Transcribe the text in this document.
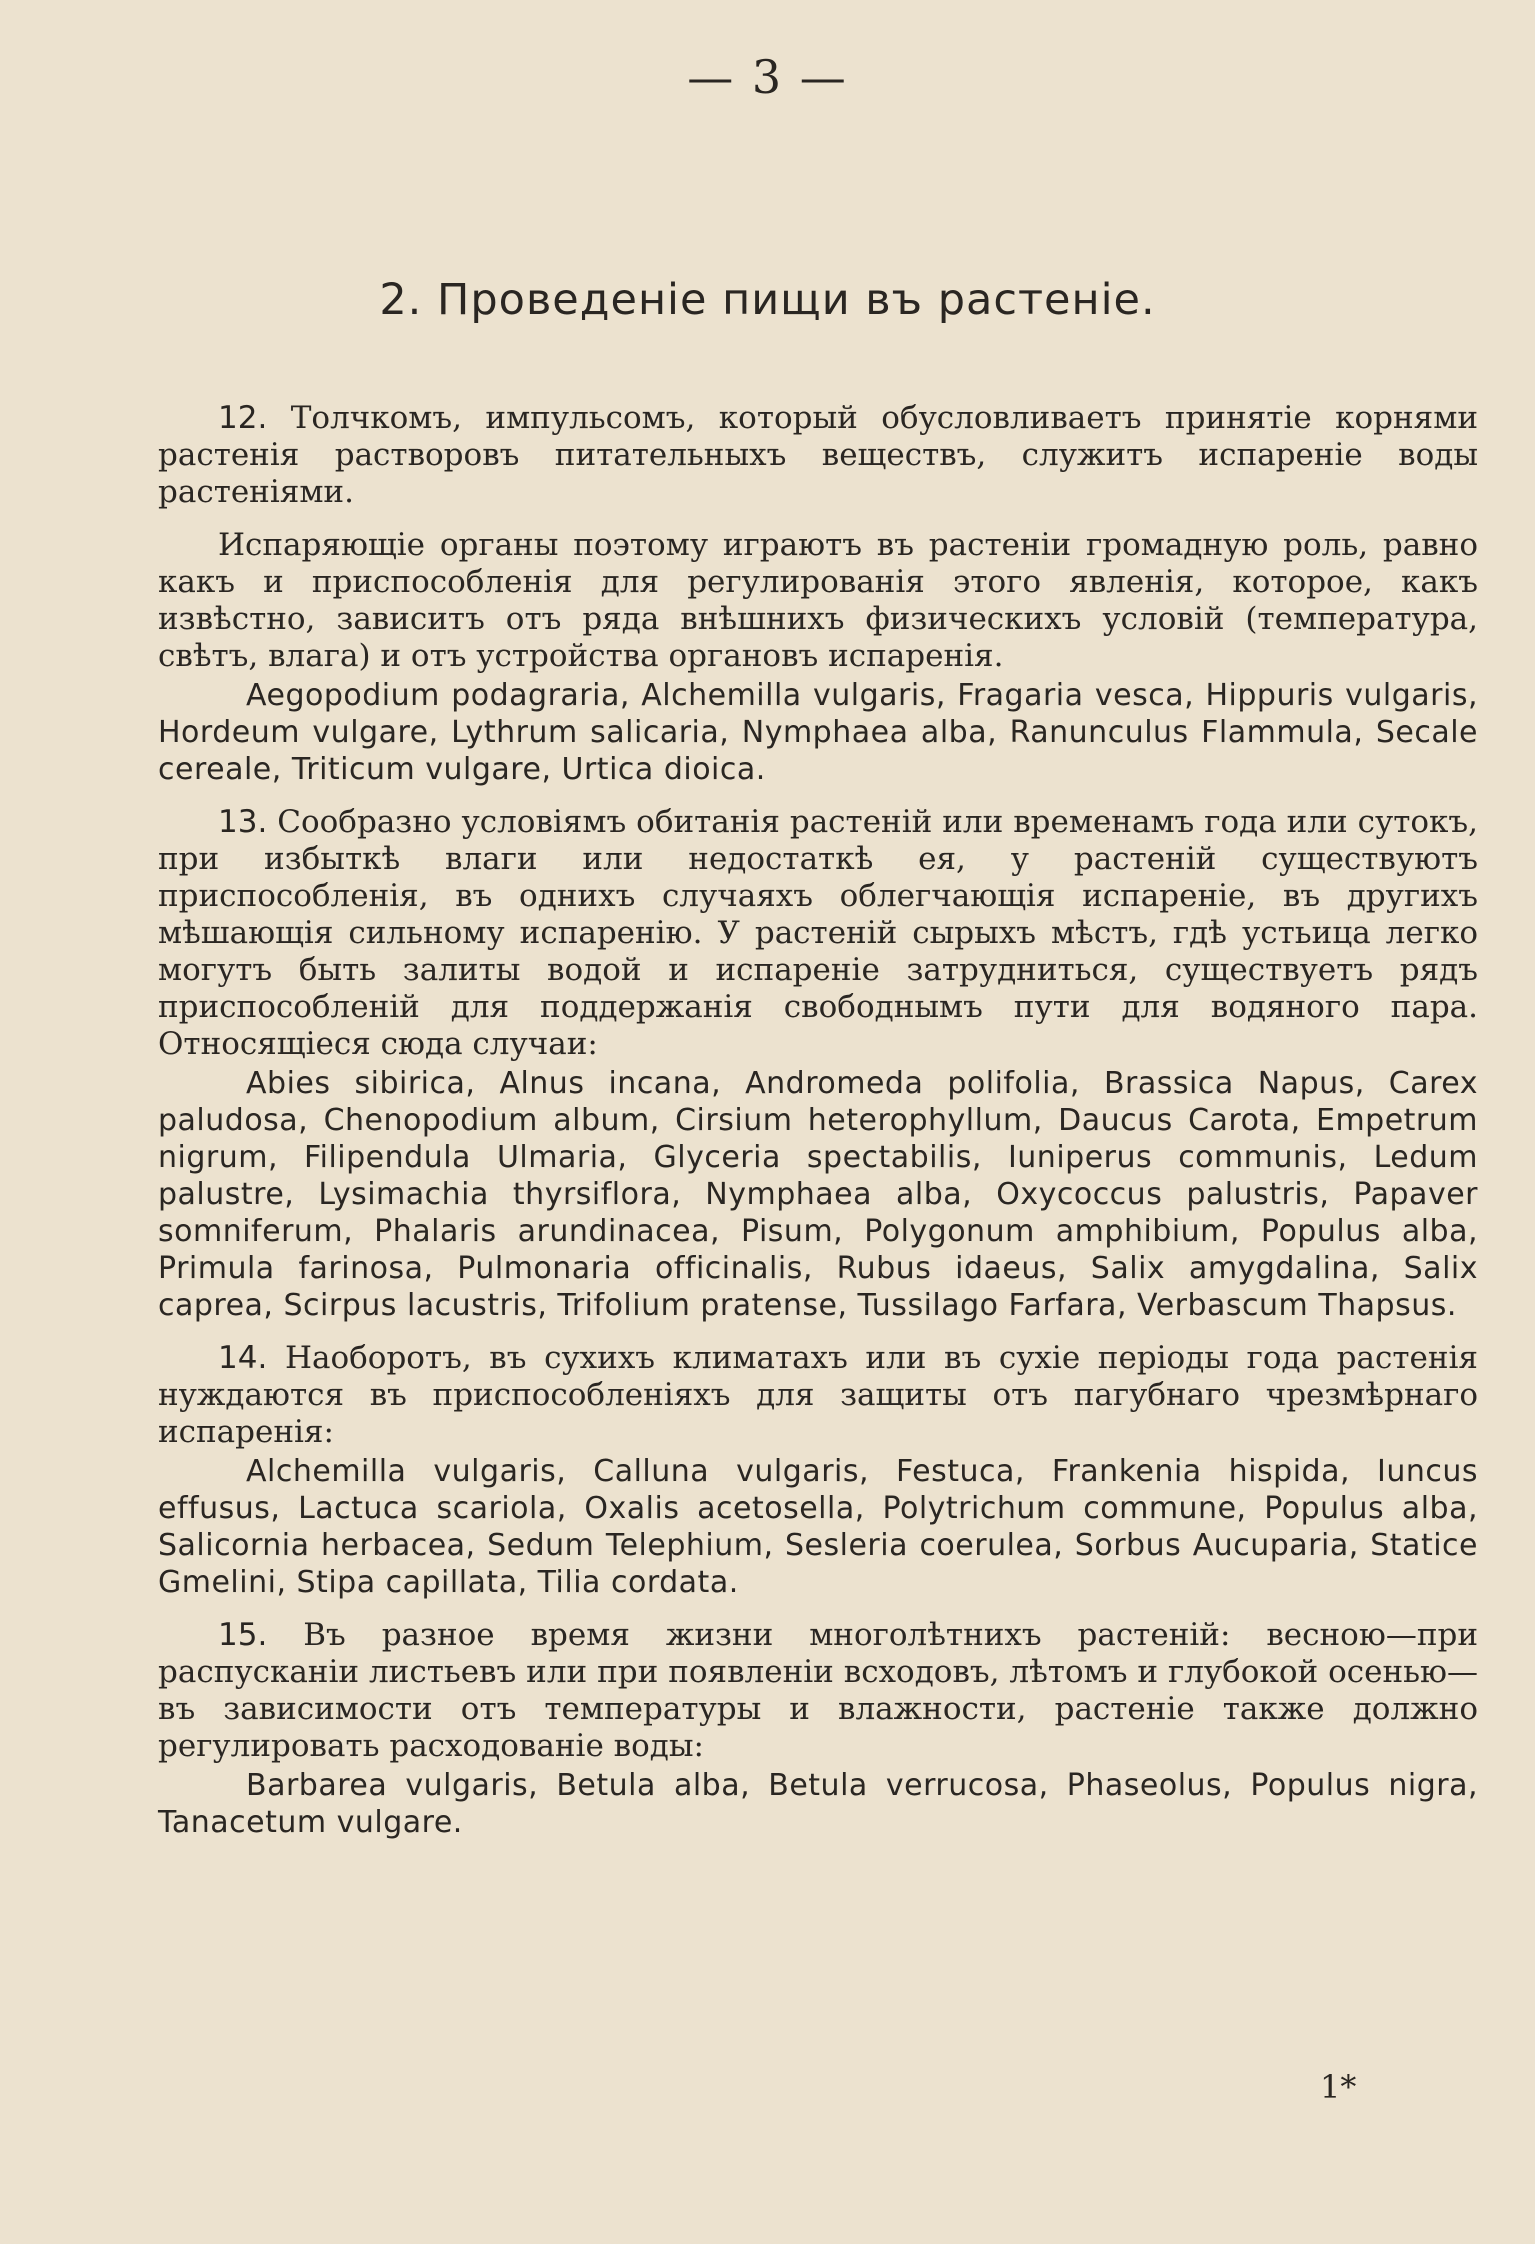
— 3 —
2. Проведенiе пищи въ растенiе.

12. Толчкомъ, импульсомъ, который обусловливаетъ принятiе корнями растенiя растворовъ питательныхъ веществъ, служитъ испаренiе воды растенiями.

Испаряющiе органы поэтому играютъ въ растенiи громадную роль, равно какъ и приспособленiя для регулированiя этого явленiя, которое, какъ извѣстно, зависитъ отъ ряда внѣшнихъ физическихъ условiй (температура, свѣтъ, влага) и отъ устройства органовъ испаренiя.

Aegopodium podagraria, Alchemilla vulgaris, Fragaria vesca, Hippuris vulgaris, Hordeum vulgare, Lythrum salicaria, Nymphaea alba, Ranunculus Flammula, Secale cereale, Triticum vulgare, Urtica dioica.

13. Сообразно условiямъ обитанiя растенiй или временамъ года или сутокъ, при избыткѣ влаги или недостаткѣ ея, у растенiй существуютъ приспособленiя, въ однихъ случаяхъ облегчающiя испаренiе, въ другихъ мѣшающiя сильному испаренiю. У растенiй сырыхъ мѣстъ, гдѣ устьица легко могутъ быть залиты водой и испаренiе затрудниться, существуетъ рядъ приспособленiй для поддержанiя свободнымъ пути для водяного пара. Относящiеся сюда случаи:

Abies sibirica, Alnus incana, Andromeda polifolia, Brassica Napus, Carex paludosa, Chenopodium album, Cirsium heterophyllum, Daucus Carota, Empetrum nigrum, Filipendula Ulmaria, Glyceria spectabilis, Iuniperus communis, Ledum palustre, Lysimachia thyrsiflora, Nymphaea alba, Oxycoccus palustris, Papaver somniferum, Phalaris arundinacea, Pisum, Polygonum amphibium, Populus alba, Primula farinosa, Pulmonaria officinalis, Rubus idaeus, Salix amygdalina, Salix caprea, Scirpus lacustris, Trifolium pratense, Tussilago Farfara, Verbascum Thapsus.

14. Наоборотъ, въ сухихъ климатахъ или въ сухiе перiоды года растенiя нуждаются въ приспособленiяхъ для защиты отъ пагубнаго чрезмѣрнаго испаренiя:

Alchemilla vulgaris, Calluna vulgaris, Festuca, Frankenia hispida, Iuncus effusus, Lactuca scariola, Oxalis acetosella, Polytrichum commune, Populus alba, Salicornia herbacea, Sedum Telephium, Sesleria coerulea, Sorbus Aucuparia, Statice Gmelini, Stipa capillata, Tilia cordata.

15. Въ разное время жизни многолѣтнихъ растенiй: весною—при распусканiи листьевъ или при появленiи всходовъ, лѣтомъ и глубокой осенью—въ зависимости отъ температуры и влажности, растенiе также должно регулировать расходованiе воды:

Barbarea vulgaris, Betula alba, Betula verrucosa, Phaseolus, Populus nigra, Tanacetum vulgare.

1*
